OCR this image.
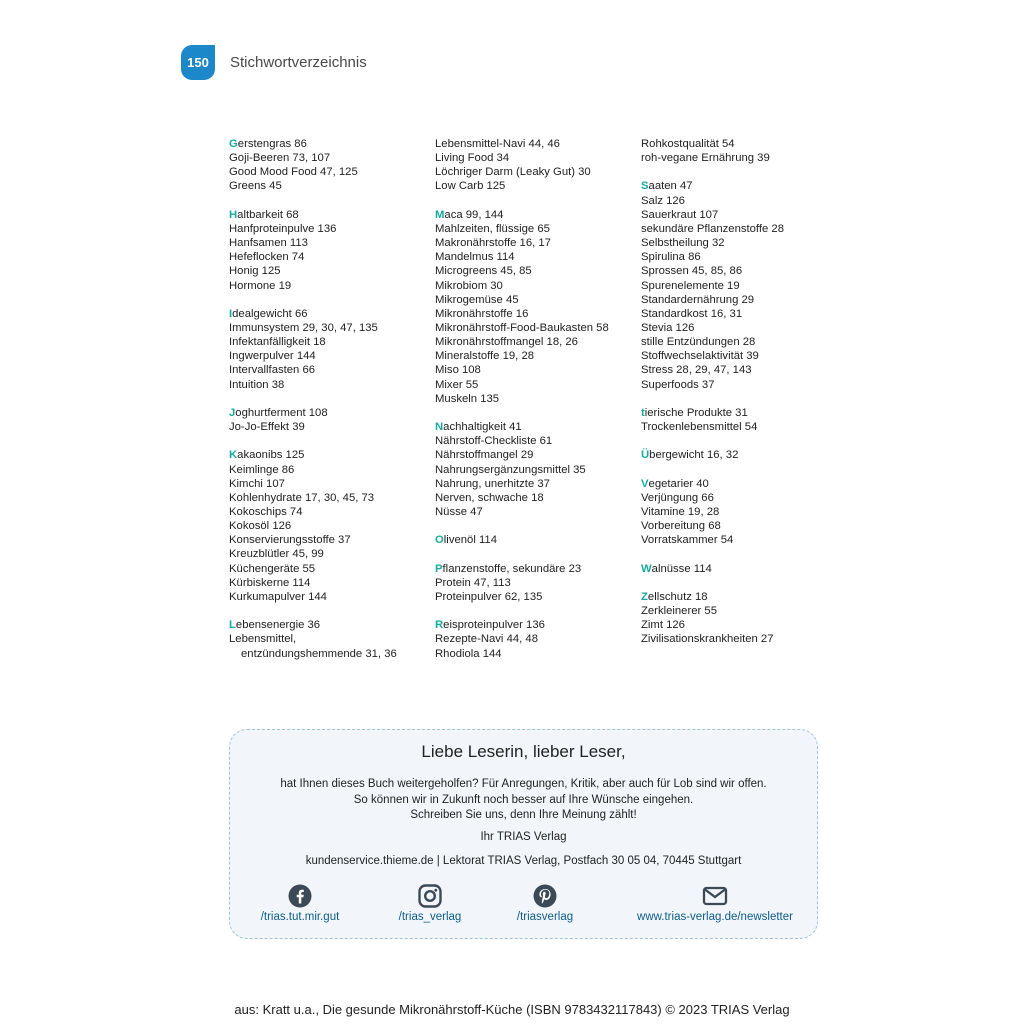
150 Stichwortverzeichnis
Gerstengras 86
Goji-Beeren 73, 107
Good Mood Food 47, 125
Greens 45
Haltbarkeit 68
Hanfproteinpulve 136
Hanfsamen 113
Hefeflocken 74
Honig 125
Hormone 19
Idealgewicht 66
Immunsystem 29, 30, 47, 135
Infektanfälligkeit 18
Ingwerpulver 144
Intervallfasten 66
Intuition 38
Joghurtferment 108
Jo-Jo-Effekt 39
Kakaonibs 125
Keimlinge 86
Kimchi 107
Kohlenhydrate 17, 30, 45, 73
Kokoschips 74
Kokosöl 126
Konservierungsstoffe 37
Kreuzblütler 45, 99
Küchengeräte 55
Kürbiskerne 114
Kurkumapulver 144
Lebensenergie 36
Lebensmittel,
entzündungshemmende 31, 36
Lebensmittel-Navi 44, 46
Living Food 34
Löchriger Darm (Leaky Gut) 30
Low Carb 125
Maca 99, 144
Mahlzeiten, flüssige 65
Makronährstoffe 16, 17
Mandelmus 114
Microgreens 45, 85
Mikrobiom 30
Mikrogemüse 45
Mikronährstoffe 16
Mikronährstoff-Food-Baukasten 58
Mikronährstoffmangel 18, 26
Mineralstoffe 19, 28
Miso 108
Mixer 55
Muskeln 135
Nachhaltigkeit 41
Nährstoff-Checkliste 61
Nährstoffmangel 29
Nahrungsergänzungsmittel 35
Nahrung, unerhitzte 37
Nerven, schwache 18
Nüsse 47
Olivenöl 114
Pflanzenstoffe, sekundäre 23
Protein 47, 113
Proteinpulver 62, 135
Reisproteinpulver 136
Rezepte-Navi 44, 48
Rhodiola 144
Rohkostqualität 54
roh-vegane Ernährung 39
Saaten 47
Salz 126
Sauerkraut 107
sekundäre Pflanzenstoffe 28
Selbstheilung 32
Spirulina 86
Sprossen 45, 85, 86
Spurenelemente 19
Standardernährung 29
Standardkost 16, 31
Stevia 126
stille Entzündungen 28
Stoffwechselaktivität 39
Stress 28, 29, 47, 143
Superfoods 37
tierische Produkte 31
Trockenlebensmittel 54
Übergewicht 16, 32
Vegetarier 40
Verjüngung 66
Vitamine 19, 28
Vorbereitung 68
Vorratskammer 54
Walnüsse 114
Zellschutz 18
Zerkleinerer 55
Zimt 126
Zivilisationskrankheiten 27
Liebe Leserin, lieber Leser,
hat Ihnen dieses Buch weitergeholfen? Für Anregungen, Kritik, aber auch für Lob sind wir offen.
So können wir in Zukunft noch besser auf Ihre Wünsche eingehen.
Schreiben Sie uns, denn Ihre Meinung zählt!
Ihr TRIAS Verlag
kundenservice.thieme.de | Lektorat TRIAS Verlag, Postfach 30 05 04, 70445 Stuttgart
/trias.tut.mir.gut	/trias_verlag	/triasverlag	www.trias-verlag.de/newsletter
aus: Kratt u.a., Die gesunde Mikronährstoff-Küche (ISBN 9783432117843) © 2023 TRIAS Verlag
